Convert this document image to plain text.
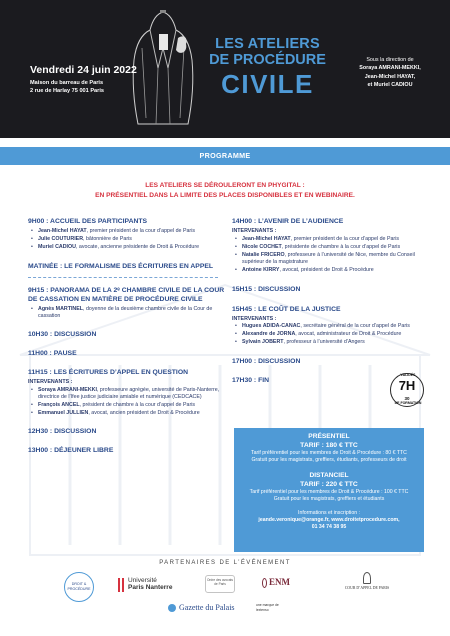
Vendredi 24 juin 2022
Maison du barreau de Paris
2 rue de Harlay 75 001 Paris
LES ATELIERS
DE PROCÉDURE
CIVILE
Sous la direction de
Soraya AMRANI-MEKKI,
Jean-Michel HAYAT,
et Muriel CADIOU
PROGRAMME
LES ATELIERS SE DÉROULERONT EN PHYGITAL :
EN PRÉSENTIEL DANS LA LIMITE DES PLACES DISPONIBLES ET EN WEBINAIRE.
9H00 : ACCUEIL DES PARTICIPANTS
• Jean-Michel HAYAT, premier président de la cour d’appel de Paris
• Julie COUTURIER, bâtonnière de Paris
• Muriel CADIOU, avocate, ancienne présidente de Droit & Procédure
MATINÉE : LE FORMALISME DES ÉCRITURES EN APPEL
9H15 : PANORAMA DE LA 2ᵉ CHAMBRE CIVILE DE LA COUR DE CASSATION EN MATIÈRE DE PROCÉDURE CIVILE
• Agnès MARTINEL, doyenne de la deuxième chambre civile de la Cour de cassation
10H30 : DISCUSSION
11H00 : PAUSE
11H15 : LES ÉCRITURES D’APPEL EN QUESTION
INTERVENANTS :
• Soraya AMRANI-MEKKI, professeure agrégée, université de Paris-Nanterre, directrice de l’Ifee justice judiciaire amiable et numérique (CEDCACE)
• François ANCEL, président de chambre à la cour d’appel de Paris
• Emmanuel JULLIEN, avocat, ancien président de Droit & Procédure
12H30 : DISCUSSION
13H00 : DÉJEUNER LIBRE
14H00 : L’AVENIR DE L’AUDIENCE
INTERVENANTS :
• Jean-Michel HAYAT, premier président de la cour d’appel de Paris
• Nicole COCHET, présidente de chambre à la cour d’appel de Paris
• Natalie FRICERO, professeure à l’université de Nice, membre du Conseil supérieur de la magistrature
• Antoine KIRRY, avocat, président de Droit & Procédure
15H15 : DISCUSSION
15H45 : LE COÛT DE LA JUSTICE
INTERVENANTS :
• Hugues ADIDA-CANAC, secrétaire général de la cour d’appel de Paris
• Alexandre de JORNA, avocat, administrateur de Droit & Procédure
• Sylvain JOBERT, professeur à l’université d’Angers
17H00 : DISCUSSION
17H30 : FIN
VALIDÉS
7H
DE FORMATION
30
PRÉSENTIEL
TARIF : 180 € TTC
Tarif préférentiel pour les membres de Droit & Procédure : 80 € TTC
Gratuit pour les magistrats, greffiers, étudiants, professeurs de droit
DISTANCIEL
TARIF : 220 € TTC
Tarif préférentiel pour les membres de Droit & Procédure : 100 € TTC
Gratuit pour les magistrats, greffiers et étudiants
Informations et inscription :
jeande.veronique@orange.fr, www.droitetprocedure.com,
01 34 74 38 95
PARTENAIRES DE L’ÉVÉNEMENT
DROIT & PROCÉDURE
Université
Paris Nanterre
Ordre des avocats de Paris	ENM
COUR D’APPEL DE PARIS
Gazette du Palais	une marque de lextenso
